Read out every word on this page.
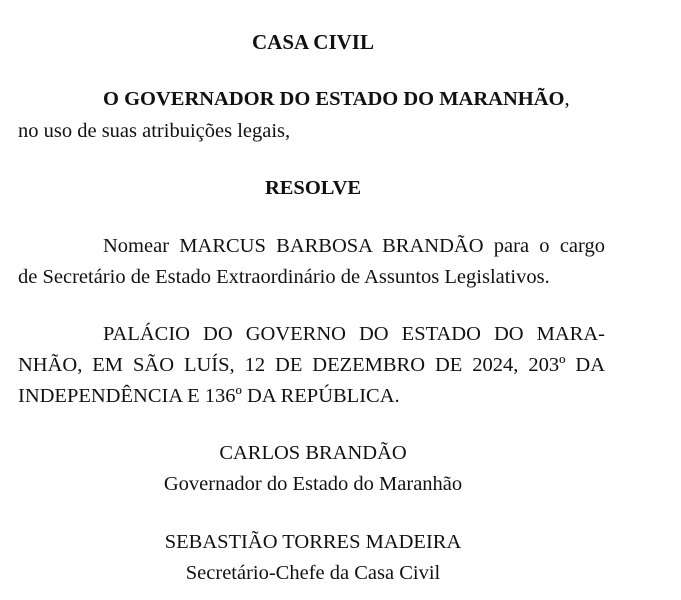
CASA CIVIL

O GOVERNADOR DO ESTADO DO MARANHÃO,

no uso de suas atribuições legais,

RESOLVE

Nomear MARCUS BARBOSA BRANDÃO para o cargo

de Secretário de Estado Extraordinário de Assuntos Legislativos.

PALÁCIO DO GOVERNO DO ESTADO DO MARA-

NHÃO, EM SÃO LUÍS, 12 DE DEZEMBRO DE 2024, 203º DA

INDEPENDÊNCIA E 136º DA REPÚBLICA.

CARLOS BRANDÃO

Governador do Estado do Maranhão

SEBASTIÃO TORRES MADEIRA

Secretário-Chefe da Casa Civil
